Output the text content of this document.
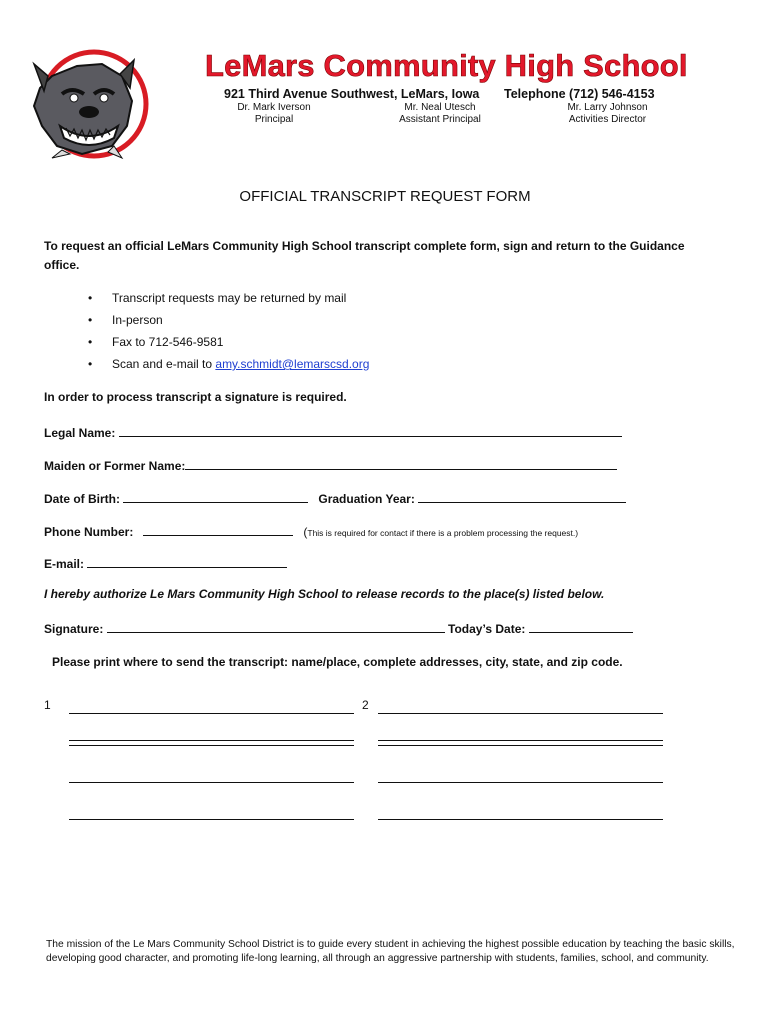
LeMars Community High School
921 Third Avenue Southwest, LeMars, Iowa Telephone (712) 546-4153
Dr. Mark Iverson
Principal
Mr. Neal Utesch
Assistant Principal
Mr. Larry Johnson
Activities Director
OFFICIAL TRANSCRIPT REQUEST FORM
To request an official LeMars Community High School transcript complete form, sign and return to the Guidance office.
• Transcript requests may be returned by mail
• In-person
• Fax to 712-546-9581
• Scan and e-mail to amy.schmidt@lemarscsd.org
In order to process transcript a signature is required.
Legal Name:
Maiden or Former Name:
Date of Birth:	Graduation Year:
Phone Number:	(This is required for contact if there is a problem processing the request.)
E-mail:
I hereby authorize Le Mars Community High School to release records to the place(s) listed below.
Signature:	Today’s Date:
Please print where to send the transcript: name/place, complete addresses, city, state, and zip code.
1	2
The mission of the Le Mars Community School District is to guide every student in achieving the highest possible education by teaching the basic skills, developing good character, and promoting life-long learning, all through an aggressive partnership with students, families, school, and community.
